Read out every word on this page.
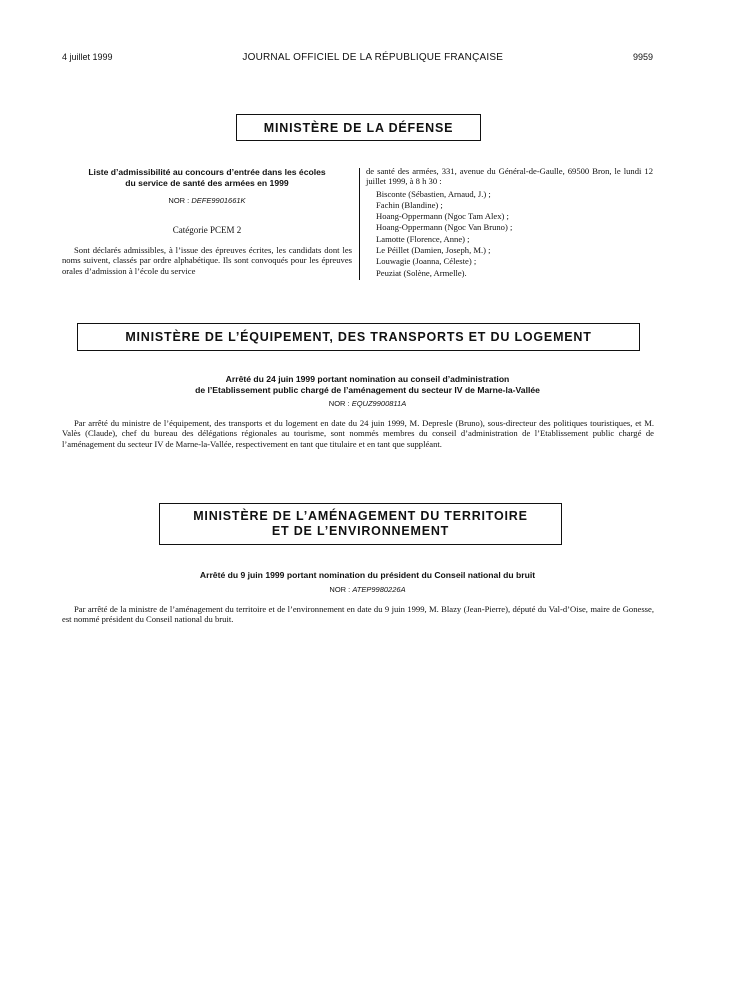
4 juillet 1999	JOURNAL OFFICIEL DE LA RÉPUBLIQUE FRANÇAISE	9959
MINISTÈRE DE LA DÉFENSE
Liste d’admissibilité au concours d’entrée dans les écoles
du service de santé des armées en 1999
NOR : DEFE9901661K
Catégorie PCEM 2
Sont déclarés admissibles, à l’issue des épreuves écrites, les candidats dont les noms suivent, classés par ordre alphabétique. Ils sont convoqués pour les épreuves orales d’admission à l’école du service
de santé des armées, 331, avenue du Général-de-Gaulle, 69500 Bron, le lundi 12 juillet 1999, à 8 h 30 :
Bisconte (Sébastien, Arnaud, J.) ;
Fachin (Blandine) ;
Hoang-Oppermann (Ngoc Tam Alex) ;
Hoang-Oppermann (Ngoc Van Bruno) ;
Lamotte (Florence, Anne) ;
Le Péillet (Damien, Joseph, M.) ;
Louwagie (Joanna, Céleste) ;
Peuziat (Solène, Armelle).
MINISTÈRE DE L’ÉQUIPEMENT, DES TRANSPORTS ET DU LOGEMENT
Arrêté du 24 juin 1999 portant nomination au conseil d’administration
de l’Etablissement public chargé de l’aménagement du secteur IV de Marne-la-Vallée
NOR : EQUZ9900811A
Par arrêté du ministre de l’équipement, des transports et du logement en date du 24 juin 1999, M. Depresle (Bruno), sous-directeur des politiques touristiques, et M. Valès (Claude), chef du bureau des délégations régionales au tourisme, sont nommés membres du conseil d’administration de l’Etablissement public chargé de l’aménagement du secteur IV de Marne-la-Vallée, respectivement en tant que titulaire et en tant que suppléant.
MINISTÈRE DE L’AMÉNAGEMENT DU TERRITOIRE
ET DE L’ENVIRONNEMENT
Arrêté du 9 juin 1999 portant nomination du président du Conseil national du bruit
NOR : ATEP9980226A
Par arrêté de la ministre de l’aménagement du territoire et de l’environnement en date du 9 juin 1999, M. Blazy (Jean-Pierre), député du Val-d’Oise, maire de Gonesse, est nommé président du Conseil national du bruit.
